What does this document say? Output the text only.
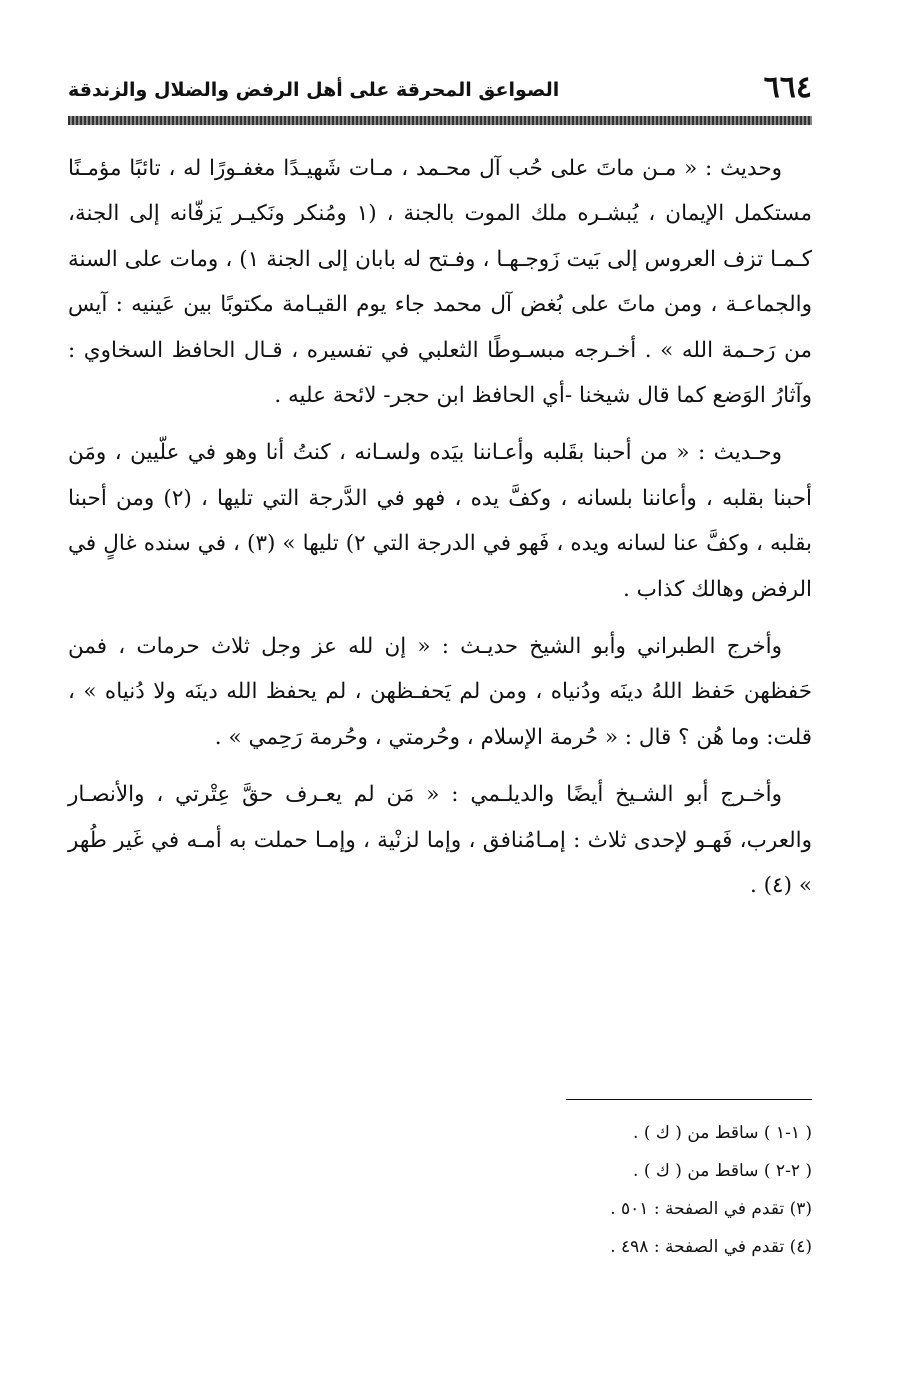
٦٦٤
الصواعق المحرقة على أهل الرفض والضلال والزندقة

وحديث : « مـن ماتَ على حُب آل محـمد ، مـات شَهيـدًا مغفـورًا له ، تائبًا مؤمـنًا مستكمل الإيمان ، يُبشـره ملك الموت بالجنة ، (١ ومُنكر ونَكيـر يَزفّانه إلى الجنة، كـمـا تزف العروس إلى بَيت زَوجـهـا ، وفـتح له بابان إلى الجنة ١) ، ومات على السنة والجماعـة ، ومن ماتَ على بُغض آل محمد جاء يوم القيـامة مكتوبًا بين عَينيه : آيس من رَحـمة الله » . أخـرجه مبسـوطًا الثعلبي في تفسيره ، قـال الحافظ السخاوي : وآثارُ الوَضع كما قال شيخنا -أي الحافظ ابن حجر- لائحة عليه .

وحـديث : « من أحبنا بقَلبه وأعـاننا بيَده ولسـانه ، كنتُ أنا وهو في علّيين ، ومَن أحبنا بقلبه ، وأعاننا بلسانه ، وكفَّ يده ، فهو في الدَّرجة التي تليها ، (٢) ومن أحبنا بقلبه ، وكفَّ عنا لسانه ويده ، فَهو في الدرجة التي ٢) تليها » (٣) ، في سنده غالٍ في الرفض وهالك كذاب .

وأخرج الطبراني وأبو الشيخ حديـث : « إن لله عز وجل ثلاث حرمات ، فمن حَفظهن حَفظ اللهُ دينَه ودُنياه ، ومن لم يَحفـظهن ، لم يحفظ الله دينَه ولا دُنياه » ، قلت: وما هُن ؟ قال : « حُرمة الإسلام ، وحُرمتي ، وحُرمة رَحِمي » .

وأخـرج أبو الشـيخ أيضًا والديلـمي : « مَن لم يعـرف حقَّ عِتْرتي ، والأنصـار والعرب، فَهـو لإحدى ثلاث : إمـامُنافق ، وإما لزنْية ، وإمـا حملت به أمـه في غَير طُهر » (٤) .

( ١-١ ) ساقط من ( ك ) .
( ٢-٢ ) ساقط من ( ك ) .
(٣) تقدم في الصفحة : ٥٠١ .
(٤) تقدم في الصفحة : ٤٩٨ .
